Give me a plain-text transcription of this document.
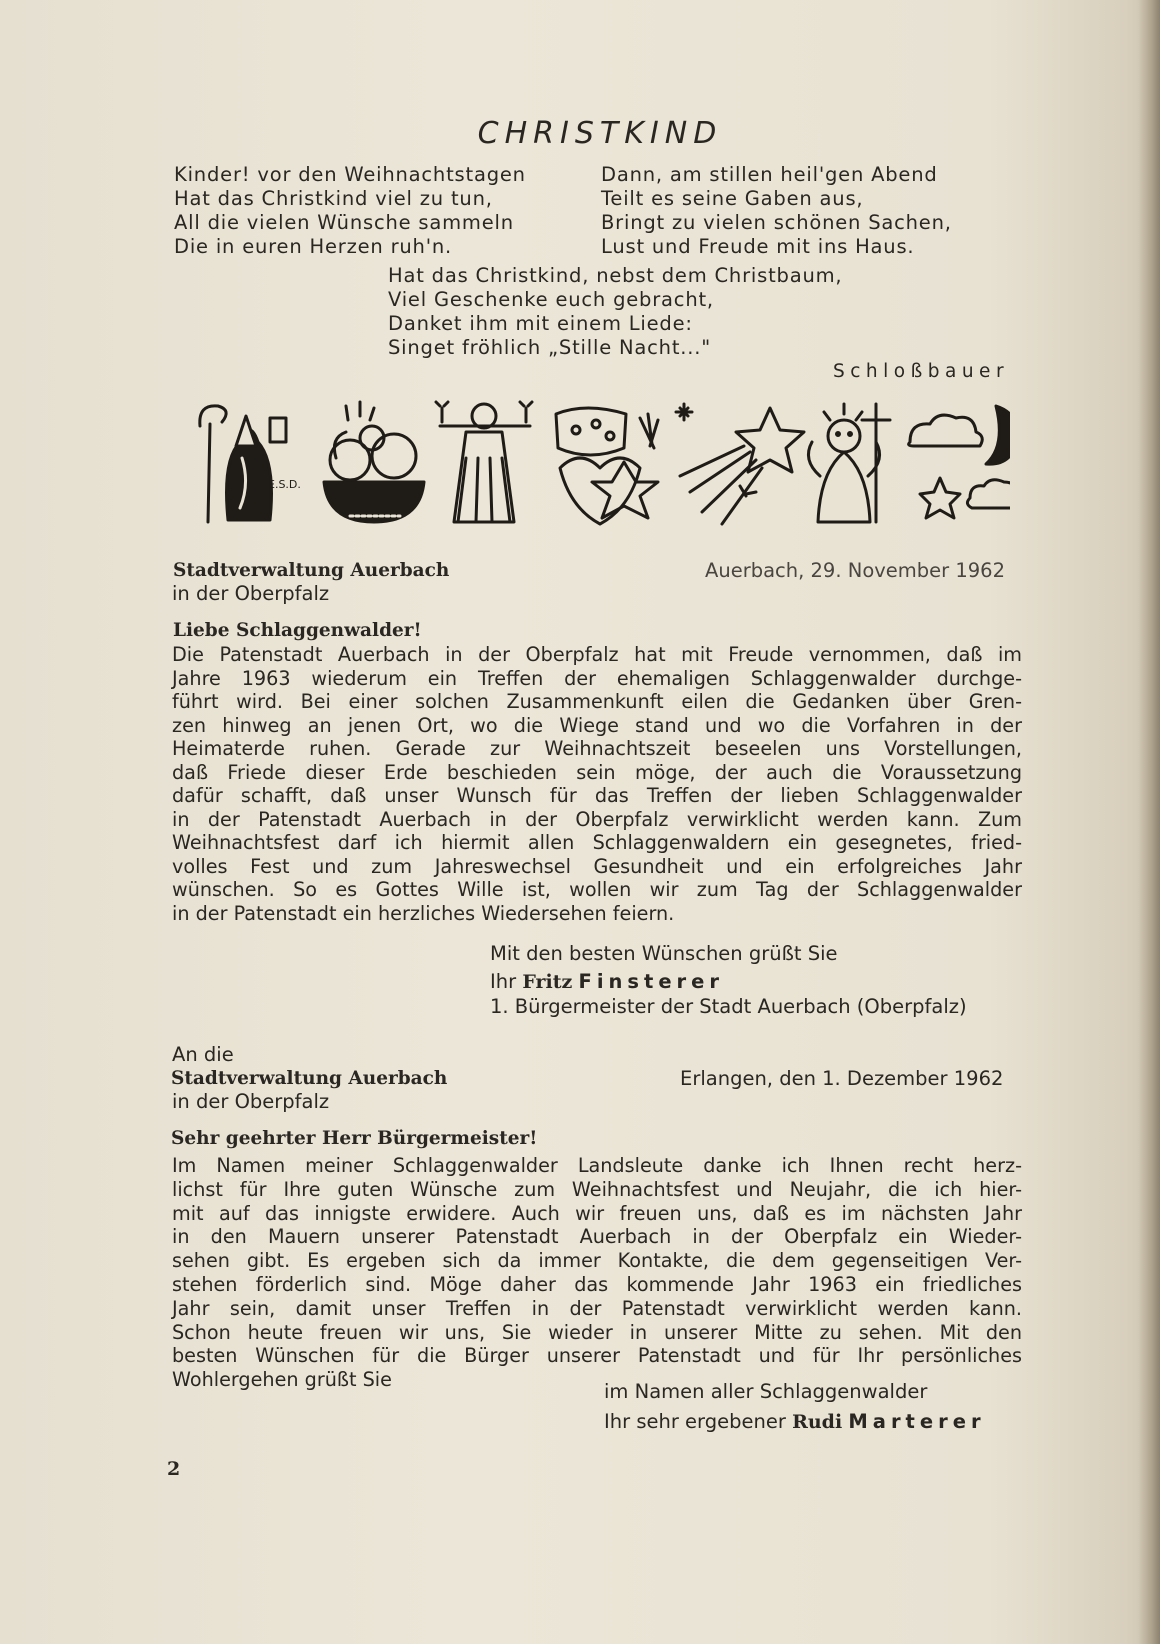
CHRISTKIND
Kinder! vor den Weihnachtstagen
Hat das Christkind viel zu tun,
All die vielen Wünsche sammeln
Die in euren Herzen ruh'n.
Dann, am stillen heil'gen Abend
Teilt es seine Gaben aus,
Bringt zu vielen schönen Sachen,
Lust und Freude mit ins Haus.
Hat das Christkind, nebst dem Christbaum,
Viel Geschenke euch gebracht,
Danket ihm mit einem Liede:
Singet fröhlich „Stille Nacht..."
Schloßbauer
E.S.D.
Stadtverwaltung Auerbach
in der Oberpfalz
Auerbach, 29. November 1962
Liebe Schlaggenwalder!
Die Patenstadt Auerbach in der Oberpfalz hat mit Freude vernommen, daß im
Jahre 1963 wiederum ein Treffen der ehemaligen Schlaggenwalder durchge-
führt wird. Bei einer solchen Zusammenkunft eilen die Gedanken über Gren-
zen hinweg an jenen Ort, wo die Wiege stand und wo die Vorfahren in der
Heimaterde ruhen. Gerade zur Weihnachtszeit beseelen uns Vorstellungen,
daß Friede dieser Erde beschieden sein möge, der auch die Voraussetzung
dafür schafft, daß unser Wunsch für das Treffen der lieben Schlaggenwalder
in der Patenstadt Auerbach in der Oberpfalz verwirklicht werden kann. Zum
Weihnachtsfest darf ich hiermit allen Schlaggenwaldern ein gesegnetes, fried-
volles Fest und zum Jahreswechsel Gesundheit und ein erfolgreiches Jahr
wünschen. So es Gottes Wille ist, wollen wir zum Tag der Schlaggenwalder
in der Patenstadt ein herzliches Wiedersehen feiern.
Mit den besten Wünschen grüßt Sie
Ihr Fritz Finsterer
1. Bürgermeister der Stadt Auerbach (Oberpfalz)
An die
Stadtverwaltung Auerbach
in der Oberpfalz
Erlangen, den 1. Dezember 1962
Sehr geehrter Herr Bürgermeister!
Im Namen meiner Schlaggenwalder Landsleute danke ich Ihnen recht herz-
lichst für Ihre guten Wünsche zum Weihnachtsfest und Neujahr, die ich hier-
mit auf das innigste erwidere. Auch wir freuen uns, daß es im nächsten Jahr
in den Mauern unserer Patenstadt Auerbach in der Oberpfalz ein Wieder-
sehen gibt. Es ergeben sich da immer Kontakte, die dem gegenseitigen Ver-
stehen förderlich sind. Möge daher das kommende Jahr 1963 ein friedliches
Jahr sein, damit unser Treffen in der Patenstadt verwirklicht werden kann.
Schon heute freuen wir uns, Sie wieder in unserer Mitte zu sehen. Mit den
besten Wünschen für die Bürger unserer Patenstadt und für Ihr persönliches
Wohlergehen grüßt Sie
im Namen aller Schlaggenwalder
Ihr sehr ergebener Rudi Marterer
2
